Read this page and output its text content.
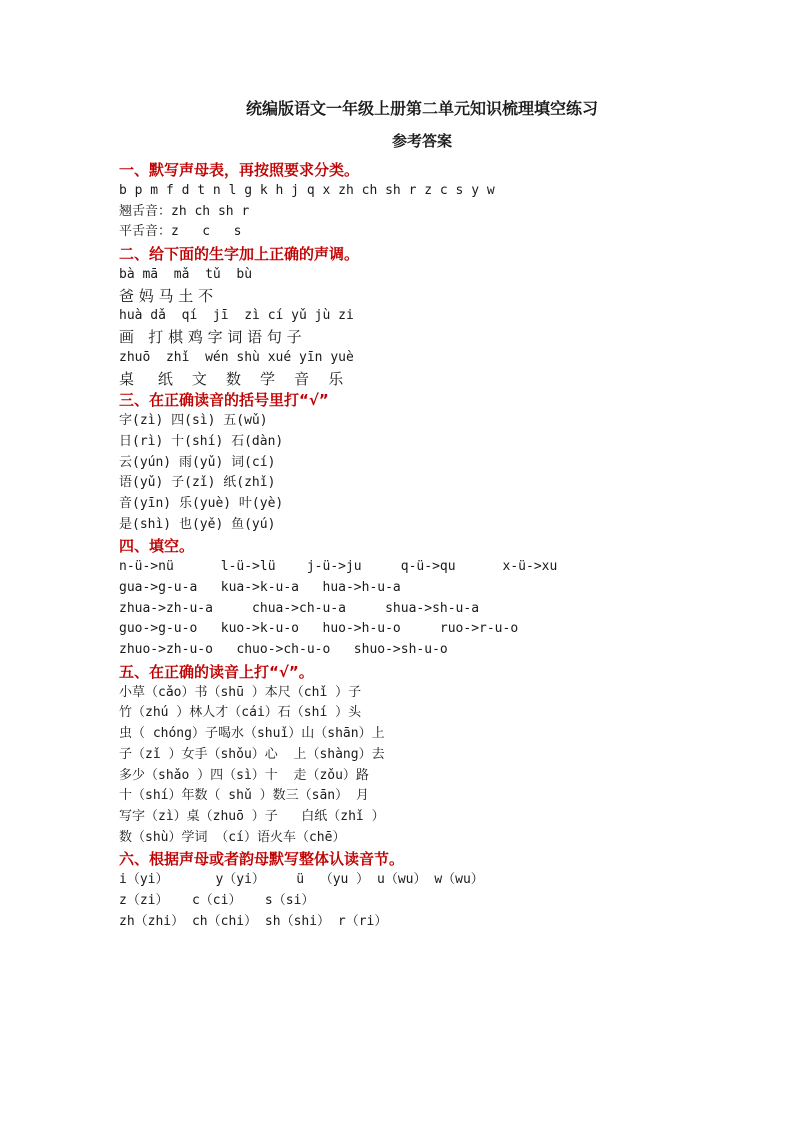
统编版语文一年级上册第二单元知识梳理填空练习
参考答案
一、默写声母表，再按照要求分类。
b p m f d t n l g k h j q x zh ch sh r z c s y w
翘舌音：zh ch sh r
平舌音：z   c   s
二、给下面的生字加上正确的声调。
bà mā  mǎ  tǔ  bù
爸 妈 马 土 不
huà dǎ  qí  jī  zì cí yǔ jù zi
画   打 棋 鸡 字 词 语 句 子
zhuō  zhǐ  wén shù xué yīn yuè
桌     纸    文    数    学    音    乐
三、在正确读音的括号里打“√”
字(zì) 四(sì) 五(wǔ)
日(rì) 十(shí) 石(dàn)
云(yún) 雨(yǔ) 词(cí)
语(yǔ) 子(zǐ) 纸(zhǐ)
音(yīn) 乐(yuè) 叶(yè)
是(shì) 也(yě) 鱼(yú)
四、填空。
n-ü->nü      l-ü->lü    j-ü->ju     q-ü->qu      x-ü->xu
gua->g-u-a   kua->k-u-a   hua->h-u-a
zhua->zh-u-a     chua->ch-u-a     shua->sh-u-a
guo->g-u-o   kuo->k-u-o   huo->h-u-o     ruo->r-u-o
zhuo->zh-u-o   chuo->ch-u-o   shuo->sh-u-o
五、在正确的读音上打“√”。
小草（cǎo）书（shū ）本尺（chǐ ）子
竹（zhú ）林人才（cái）石（shí ）头
虫（ chóng）子喝水（shuǐ）山（shān）上
子（zǐ ）女手（shǒu）心  上（shàng）去
多少（shǎo ）四（sì）十  走（zǒu）路
十（shí）年数（ shǔ ）数三（sān） 月
写字（zì）桌（zhuō ）子   白纸（zhǐ ）
数（shù）学词 （cí）语火车（chē）
六、根据声母或者韵母默写整体认读音节。
i（yi）      y（yi）    ü  （yu ） u（wu） w（wu）
z（zi）   c（ci）   s（si）
zh（zhi） ch（chi） sh（shi） r（ri）
